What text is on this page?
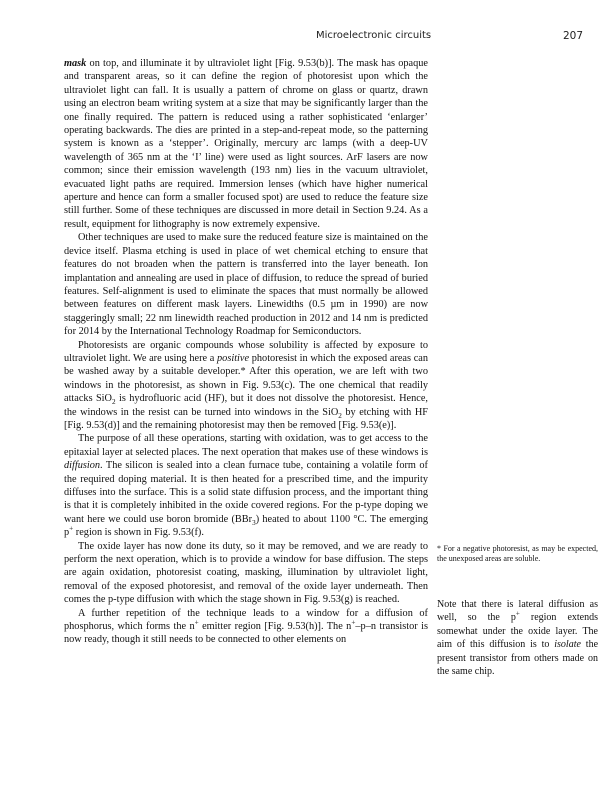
Microelectronic circuits	207

mask on top, and illuminate it by ultraviolet light [Fig. 9.53(b)]. The mask has opaque and transparent areas, so it can define the region of photoresist upon which the ultraviolet light can fall. It is usually a pattern of chrome on glass or quartz, drawn using an electron beam writing system at a size that may be significantly larger than the one finally required. The pattern is reduced using a rather sophisticated ‘enlarger’ operating backwards. The dies are printed in a step-and-repeat mode, so the patterning system is known as a ‘stepper’. Originally, mercury arc lamps (with a deep-UV wavelength of 365 nm at the ‘I’ line) were used as light sources. ArF lasers are now common; since their emission wavelength (193 nm) lies in the vacuum ultraviolet, evacuated light paths are required. Immersion lenses (which have higher numerical aperture and hence can form a smaller focused spot) are used to reduce the feature size still further. Some of these techniques are discussed in more detail in Section 9.24. As a result, equipment for lithography is now extremely expensive.

Other techniques are used to make sure the reduced feature size is maintained on the device itself. Plasma etching is used in place of wet chemical etching to ensure that features do not broaden when the pattern is transferred into the layer beneath. Ion implantation and annealing are used in place of diffusion, to reduce the spread of buried features. Self-alignment is used to eliminate the spaces that must normally be allowed between features on different mask layers. Linewidths (0.5 µm in 1990) are now staggeringly small; 22 nm linewidth reached production in 2012 and 14 nm is predicted for 2014 by the International Technology Roadmap for Semiconductors.

Photoresists are organic compounds whose solubility is affected by exposure to ultraviolet light. We are using here a positive photoresist in which the exposed areas can be washed away by a suitable developer.* After this operation, we are left with two windows in the photoresist, as shown in Fig. 9.53(c). The one chemical that readily attacks SiO$_2$ is hydrofluoric acid (HF), but it does not dissolve the photoresist. Hence, the windows in the resist can be turned into windows in the SiO$_2$ by etching with HF [Fig. 9.53(d)] and the remaining photoresist may then be removed [Fig. 9.53(e)].

The purpose of all these operations, starting with oxidation, was to get access to the epitaxial layer at selected places. The next operation that makes use of these windows is diffusion. The silicon is sealed into a clean furnace tube, containing a volatile form of the required doping material. It is then heated for a prescribed time, and the impurity diffuses into the surface. This is a solid state diffusion process, and the important thing is that it is completely inhibited in the oxide covered regions. For the p-type doping we want here we could use boron bromide (BBr$_3$) heated to about 1100 °C. The emerging p+ region is shown in Fig. 9.53(f).

The oxide layer has now done its duty, so it may be removed, and we are ready to perform the next operation, which is to provide a window for base diffusion. The steps are again oxidation, photoresist coating, masking, illumination by ultraviolet light, removal of the exposed photoresist, and removal of the oxide layer underneath. Then comes the p-type diffusion with which the stage shown in Fig. 9.53(g) is reached.

A further repetition of the technique leads to a window for a diffusion of phosphorus, which forms the n+ emitter region [Fig. 9.53(h)]. The n+–p–n transistor is now ready, though it still needs to be connected to other elements on

* For a negative photoresist, as may be expected, the unexposed areas are soluble.
Note that there is lateral diffusion as well, so the p+ region extends somewhat under the oxide layer. The aim of this diffusion is to isolate the present transistor from others made on the same chip.
